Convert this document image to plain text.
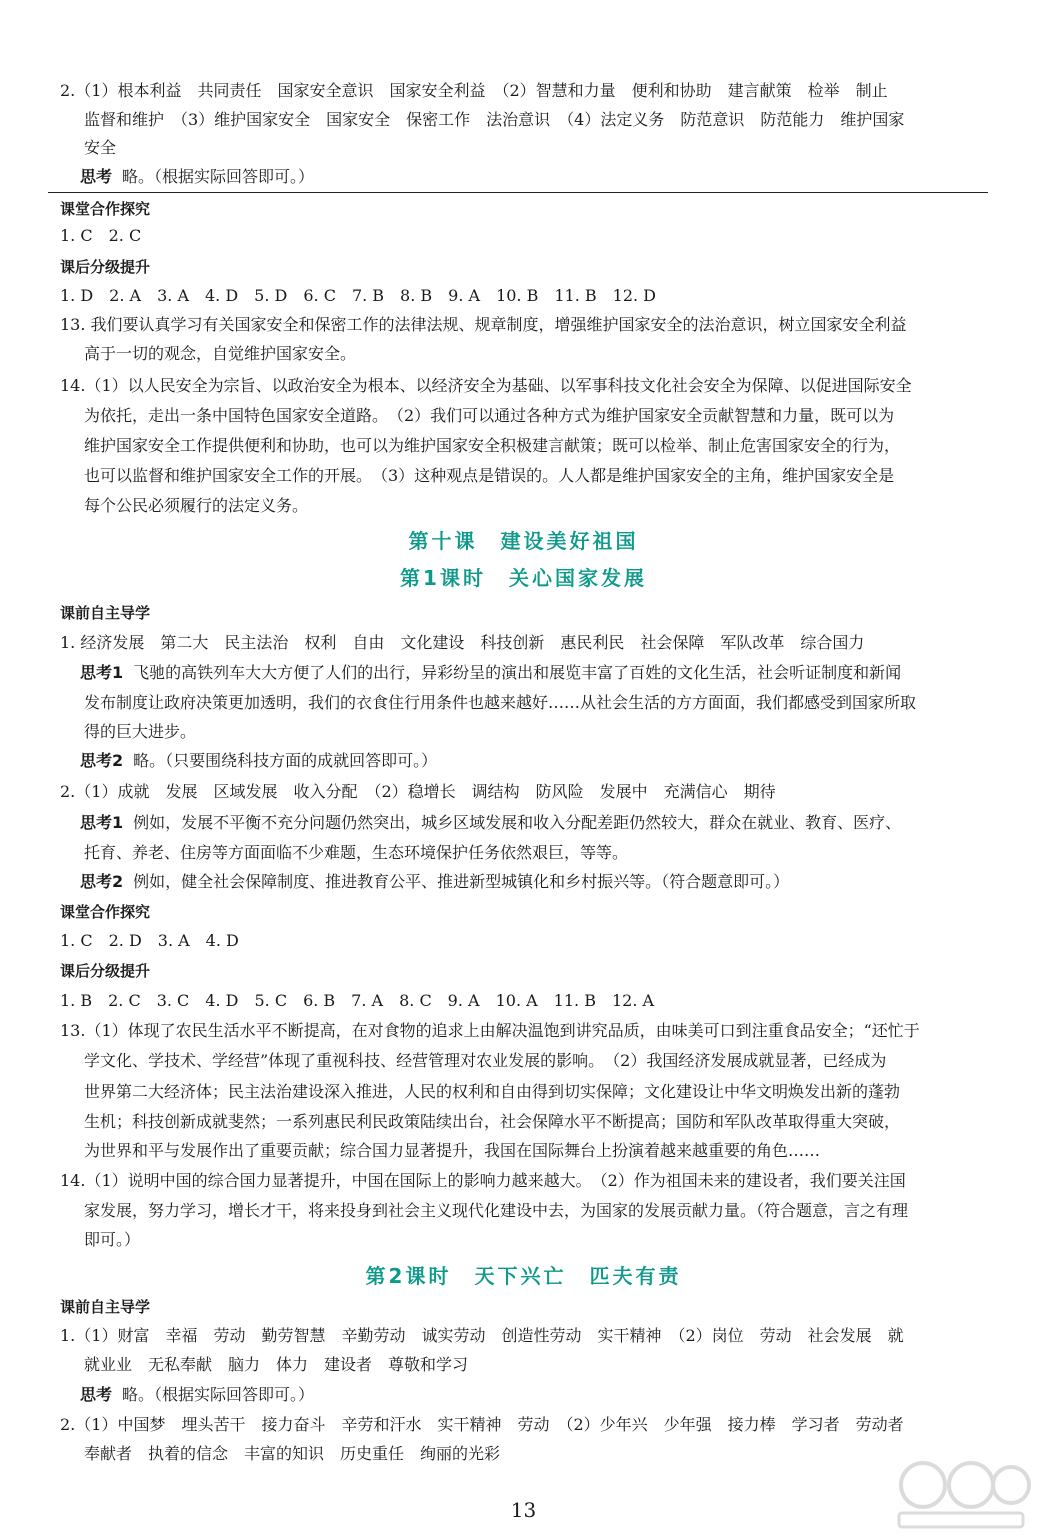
2.（1）根本利益　共同责任　国家安全意识　国家安全利益　（2）智慧和力量　便利和协助　建言献策　检举　制止
监督和维护　（3）维护国家安全　国家安全　保密工作　法治意识　（4）法定义务　防范意识　防范能力　维护国家
安全
思考 略。（根据实际回答即可。）
课堂合作探究
1. C　2. C
课后分级提升
1. D　2. A　3. A　4. D　5. D　6. C　7. B　8. B　9. A　10. B　11. B　12. D
13. 我们要认真学习有关国家安全和保密工作的法律法规、规章制度，增强维护国家安全的法治意识，树立国家安全利益
高于一切的观念，自觉维护国家安全。
14.（1）以人民安全为宗旨、以政治安全为根本、以经济安全为基础、以军事科技文化社会安全为保障、以促进国际安全
为依托，走出一条中国特色国家安全道路。　（2）我们可以通过各种方式为维护国家安全贡献智慧和力量，既可以为
维护国家安全工作提供便利和协助，也可以为维护国家安全积极建言献策；既可以检举、制止危害国家安全的行为，
也可以监督和维护国家安全工作的开展。　（3）这种观点是错误的。人人都是维护国家安全的主角，维护国家安全是
每个公民必须履行的法定义务。
第十课　建设美好祖国
第1课时　关心国家发展
课前自主导学
1. 经济发展　第二大　民主法治　权利　自由　文化建设　科技创新　惠民利民　社会保障　军队改革　综合国力
思考1 飞驰的高铁列车大大方便了人们的出行，异彩纷呈的演出和展览丰富了百姓的文化生活，社会听证制度和新闻
发布制度让政府决策更加透明，我们的衣食住行用条件也越来越好……从社会生活的方方面面，我们都感受到国家所取
得的巨大进步。
思考2 略。（只要围绕科技方面的成就回答即可。）
2.（1）成就　发展　区域发展　收入分配　（2）稳增长　调结构　防风险　发展中　充满信心　期待
思考1 例如，发展不平衡不充分问题仍然突出，城乡区域发展和收入分配差距仍然较大，群众在就业、教育、医疗、
托育、养老、住房等方面面临不少难题，生态环境保护任务依然艰巨，等等。
思考2 例如，健全社会保障制度、推进教育公平、推进新型城镇化和乡村振兴等。（符合题意即可。）
课堂合作探究
1. C　2. D　3. A　4. D
课后分级提升
1. B　2. C　3. C　4. D　5. C　6. B　7. A　8. C　9. A　10. A　11. B　12. A
13.（1）体现了农民生活水平不断提高，在对食物的追求上由解决温饱到讲究品质，由味美可口到注重食品安全；“还忙于
学文化、学技术、学经营”体现了重视科技、经营管理对农业发展的影响。　（2）我国经济发展成就显著，已经成为
世界第二大经济体；民主法治建设深入推进，人民的权利和自由得到切实保障；文化建设让中华文明焕发出新的蓬勃
生机；科技创新成就斐然；一系列惠民利民政策陆续出台，社会保障水平不断提高；国防和军队改革取得重大突破，
为世界和平与发展作出了重要贡献；综合国力显著提升，我国在国际舞台上扮演着越来越重要的角色……
14.（1）说明中国的综合国力显著提升，中国在国际上的影响力越来越大。　（2）作为祖国未来的建设者，我们要关注国
家发展，努力学习，增长才干，将来投身到社会主义现代化建设中去，为国家的发展贡献力量。（符合题意，言之有理
即可。）
第2课时　天下兴亡　匹夫有责
课前自主导学
1.（1）财富　幸福　劳动　勤劳智慧　辛勤劳动　诚实劳动　创造性劳动　实干精神　（2）岗位　劳动　社会发展　就
就业业　无私奉献　脑力　体力　建设者　尊敬和学习
思考 略。（根据实际回答即可。）
2.（1）中国梦　埋头苦干　接力奋斗　辛劳和汗水　实干精神　劳动　（2）少年兴　少年强　接力棒　学习者　劳动者
奉献者　执着的信念　丰富的知识　历史重任　绚丽的光彩
13
